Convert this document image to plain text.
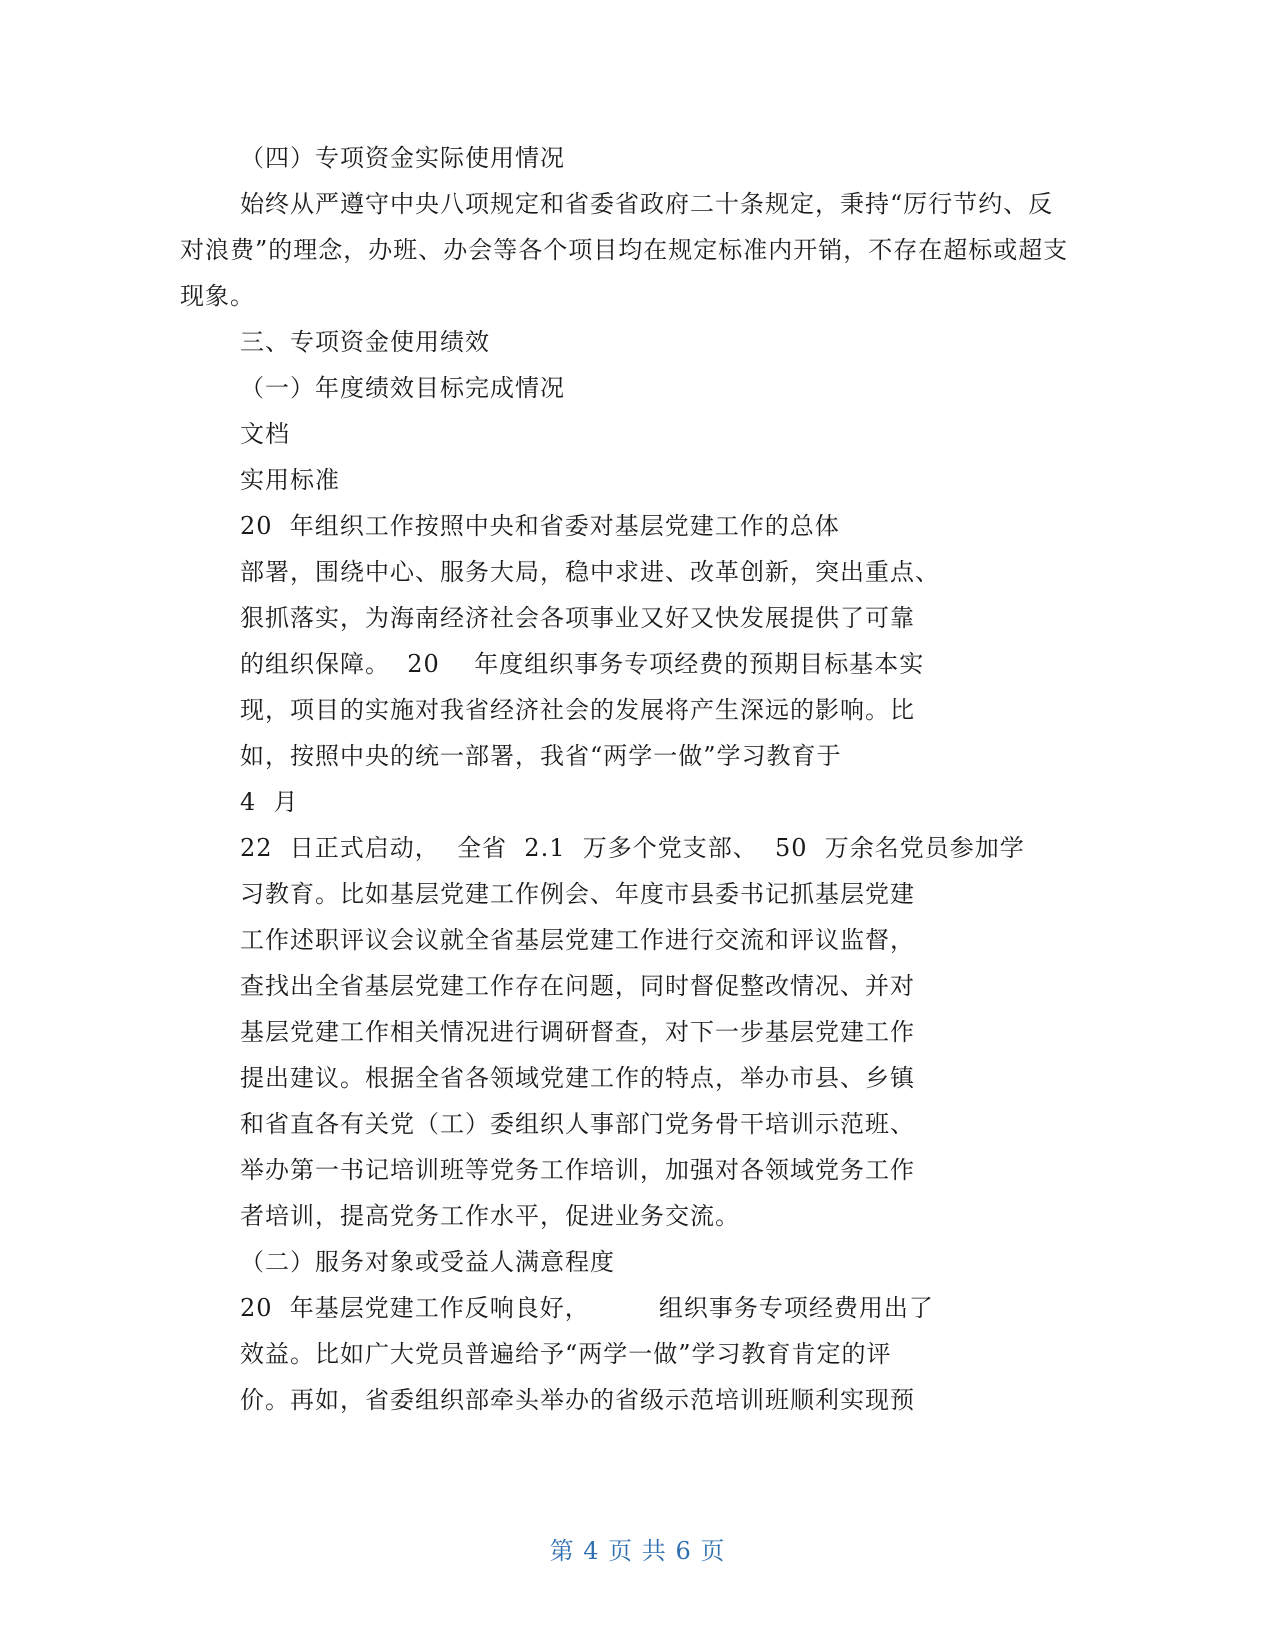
（四）专项资金实际使用情况
始终从严遵守中央八项规定和省委省政府二十条规定，秉持“厉行节约、反
对浪费”的理念，办班、办会等各个项目均在规定标准内开销，不存在超标或超支
现象。
三、专项资金使用绩效
（一）年度绩效目标完成情况
文档
实用标准
20  年组织工作按照中央和省委对基层党建工作的总体
部署，围绕中心、服务大局，稳中求进、改革创新，突出重点、
狠抓落实，为海南经济社会各项事业又好又快发展提供了可靠
的组织保障。  20    年度组织事务专项经费的预期目标基本实
现，项目的实施对我省经济社会的发展将产生深远的影响。比
如，按照中央的统一部署，我省“两学一做”学习教育于
4  月
22  日正式启动，  全省  2.1  万多个党支部、  50  万余名党员参加学
习教育。比如基层党建工作例会、年度市县委书记抓基层党建
工作述职评议会议就全省基层党建工作进行交流和评议监督，
查找出全省基层党建工作存在问题，同时督促整改情况、并对
基层党建工作相关情况进行调研督查，对下一步基层党建工作
提出建议。根据全省各领域党建工作的特点，举办市县、乡镇
和省直各有关党（工）委组织人事部门党务骨干培训示范班、
举办第一书记培训班等党务工作培训，加强对各领域党务工作
者培训，提高党务工作水平，促进业务交流。
（二）服务对象或受益人满意程度
20  年基层党建工作反响良好，        组织事务专项经费用出了
效益。比如广大党员普遍给予“两学一做”学习教育肯定的评
价。再如，省委组织部牵头举办的省级示范培训班顺利实现预
第 4 页 共 6 页
